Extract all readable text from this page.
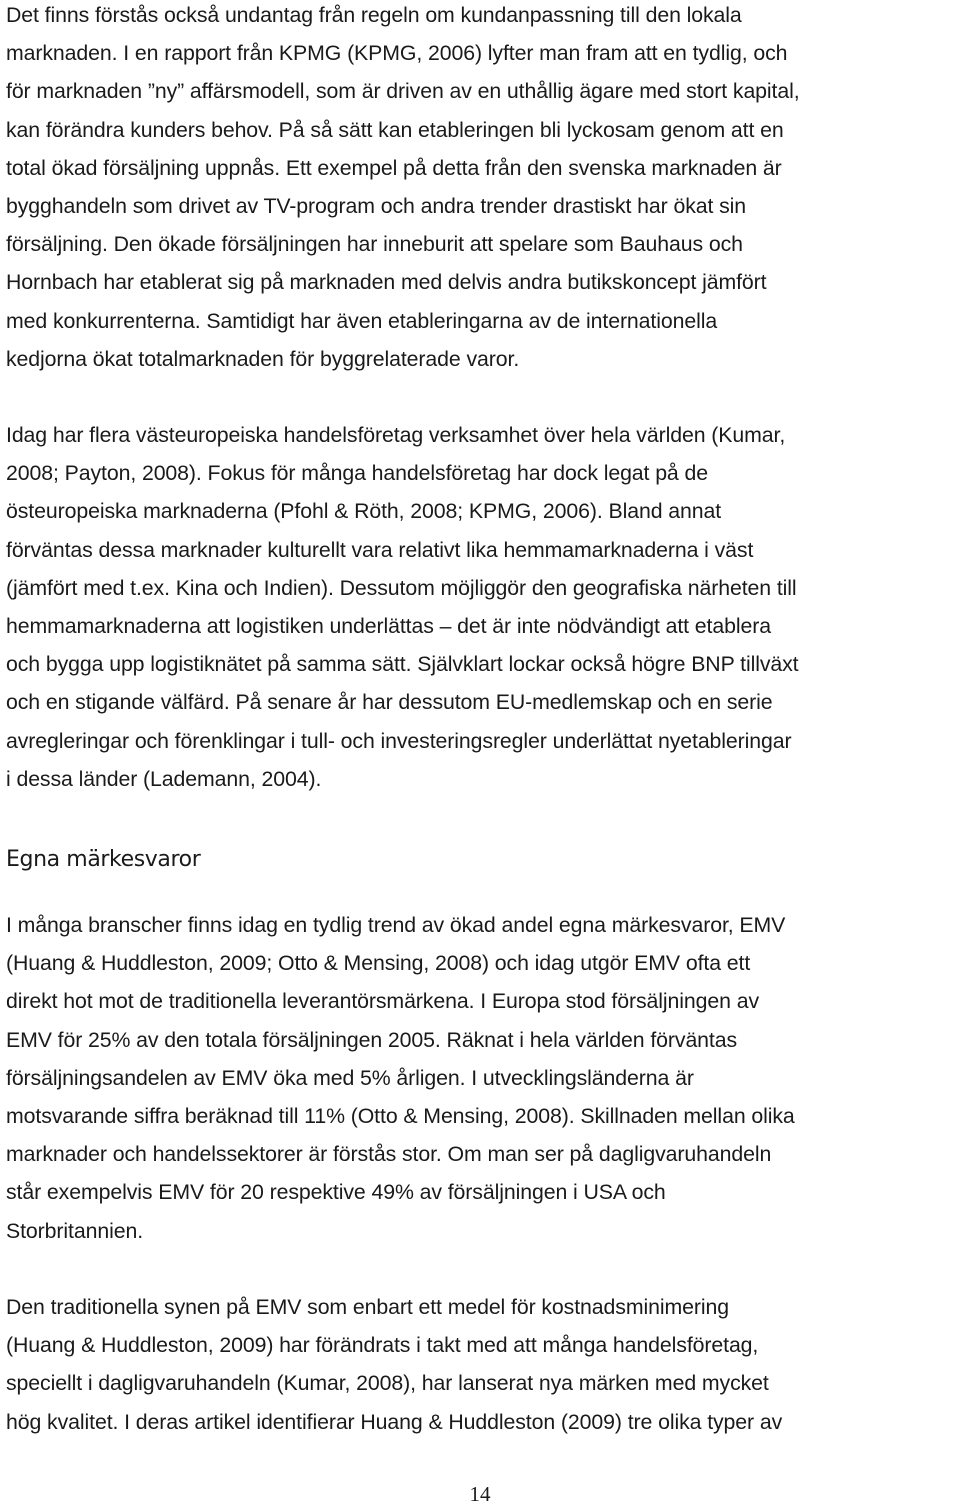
Det finns förstås också undantag från regeln om kundanpassning till den lokala
marknaden. I en rapport från KPMG (KPMG, 2006) lyfter man fram att en tydlig, och
för marknaden ”ny” affärsmodell, som är driven av en uthållig ägare med stort kapital,
kan förändra kunders behov. På så sätt kan etableringen bli lyckosam genom att en
total ökad försäljning uppnås. Ett exempel på detta från den svenska marknaden är
bygghandeln som drivet av TV-program och andra trender drastiskt har ökat sin
försäljning. Den ökade försäljningen har inneburit att spelare som Bauhaus och
Hornbach har etablerat sig på marknaden med delvis andra butikskoncept jämfört
med konkurrenterna. Samtidigt har även etableringarna av de internationella
kedjorna ökat totalmarknaden för byggrelaterade varor.

Idag har flera västeuropeiska handelsföretag verksamhet över hela världen (Kumar,
2008; Payton, 2008). Fokus för många handelsföretag har dock legat på de
östeuropeiska marknaderna (Pfohl & Röth, 2008; KPMG, 2006). Bland annat
förväntas dessa marknader kulturellt vara relativt lika hemmamarknaderna i väst
(jämfört med t.ex. Kina och Indien). Dessutom möjliggör den geografiska närheten till
hemmamarknaderna att logistiken underlättas – det är inte nödvändigt att etablera
och bygga upp logistiknätet på samma sätt. Självklart lockar också högre BNP tillväxt
och en stigande välfärd. På senare år har dessutom EU-medlemskap och en serie
avregleringar och förenklingar i tull- och investeringsregler underlättat nyetableringar
i dessa länder (Lademann, 2004).

Egna märkesvaror

I många branscher finns idag en tydlig trend av ökad andel egna märkesvaror, EMV
(Huang & Huddleston, 2009; Otto & Mensing, 2008) och idag utgör EMV ofta ett
direkt hot mot de traditionella leverantörsmärkena. I Europa stod försäljningen av
EMV för 25% av den totala försäljningen 2005. Räknat i hela världen förväntas
försäljningsandelen av EMV öka med 5% årligen. I utvecklingsländerna är
motsvarande siffra beräknad till 11% (Otto & Mensing, 2008). Skillnaden mellan olika
marknader och handelssektorer är förstås stor. Om man ser på dagligvaruhandeln
står exempelvis EMV för 20 respektive 49% av försäljningen i USA och
Storbritannien.

Den traditionella synen på EMV som enbart ett medel för kostnadsminimering
(Huang & Huddleston, 2009) har förändrats i takt med att många handelsföretag,
speciellt i dagligvaruhandeln (Kumar, 2008), har lanserat nya märken med mycket
hög kvalitet. I deras artikel identifierar Huang & Huddleston (2009) tre olika typer av

14
